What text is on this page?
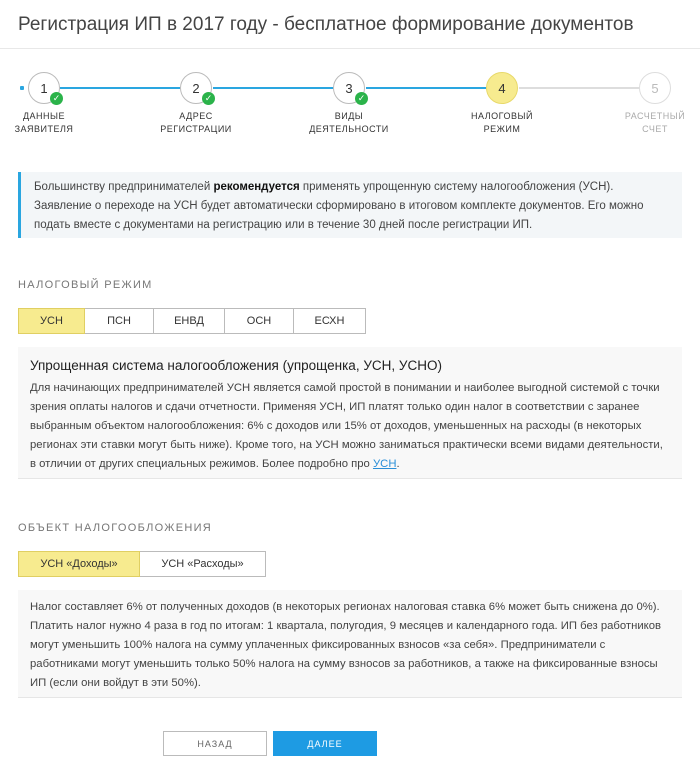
Регистрация ИП в 2017 году - бесплатное формирование документов
1
✓
ДАННЫЕ
ЗАЯВИТЕЛЯ
2
✓
АДРЕС
РЕГИСТРАЦИИ
3
✓
ВИДЫ
ДЕЯТЕЛЬНОСТИ
4
НАЛОГОВЫЙ
РЕЖИМ
5
РАСЧЕТНЫЙ
СЧЕТ
Большинству предпринимателей рекомендуется применять упрощенную систему налогообложения (УСН). Заявление о переходе на УСН будет автоматически сформировано в итоговом комплекте документов. Его можно подать вместе с документами на регистрацию или в течение 30 дней после регистрации ИП.
НАЛОГОВЫЙ РЕЖИМ
УСН	ПСН	ЕНВД	ОСН	ЕСХН
Упрощенная система налогообложения (упрощенка, УСН, УСНО)
Для начинающих предпринимателей УСН является самой простой в понимании и наиболее выгодной системой с точки зрения оплаты налогов и сдачи отчетности. Применяя УСН, ИП платят только один налог в соответствии с заранее выбранным объектом налогообложения: 6% с доходов или 15% от доходов, уменьшенных на расходы (в некоторых регионах эти ставки могут быть ниже). Кроме того, на УСН можно заниматься практически всеми видами деятельности, в отличии от других специальных режимов. Более подробно про УСН.
ОБЪЕКТ НАЛОГООБЛОЖЕНИЯ
УСН «Доходы»	УСН «Расходы»
Налог составляет 6% от полученных доходов (в некоторых регионах налоговая ставка 6% может быть снижена до 0%). Платить налог нужно 4 раза в год по итогам: 1 квартала, полугодия, 9 месяцев и календарного года. ИП без работников могут уменьшить 100% налога на сумму уплаченных фиксированных взносов «за себя». Предприниматели с работниками могут уменьшить только 50% налога на сумму взносов за работников, а также на фиксированные взносы ИП (если они войдут в эти 50%).
НАЗАД	ДАЛЕЕ
